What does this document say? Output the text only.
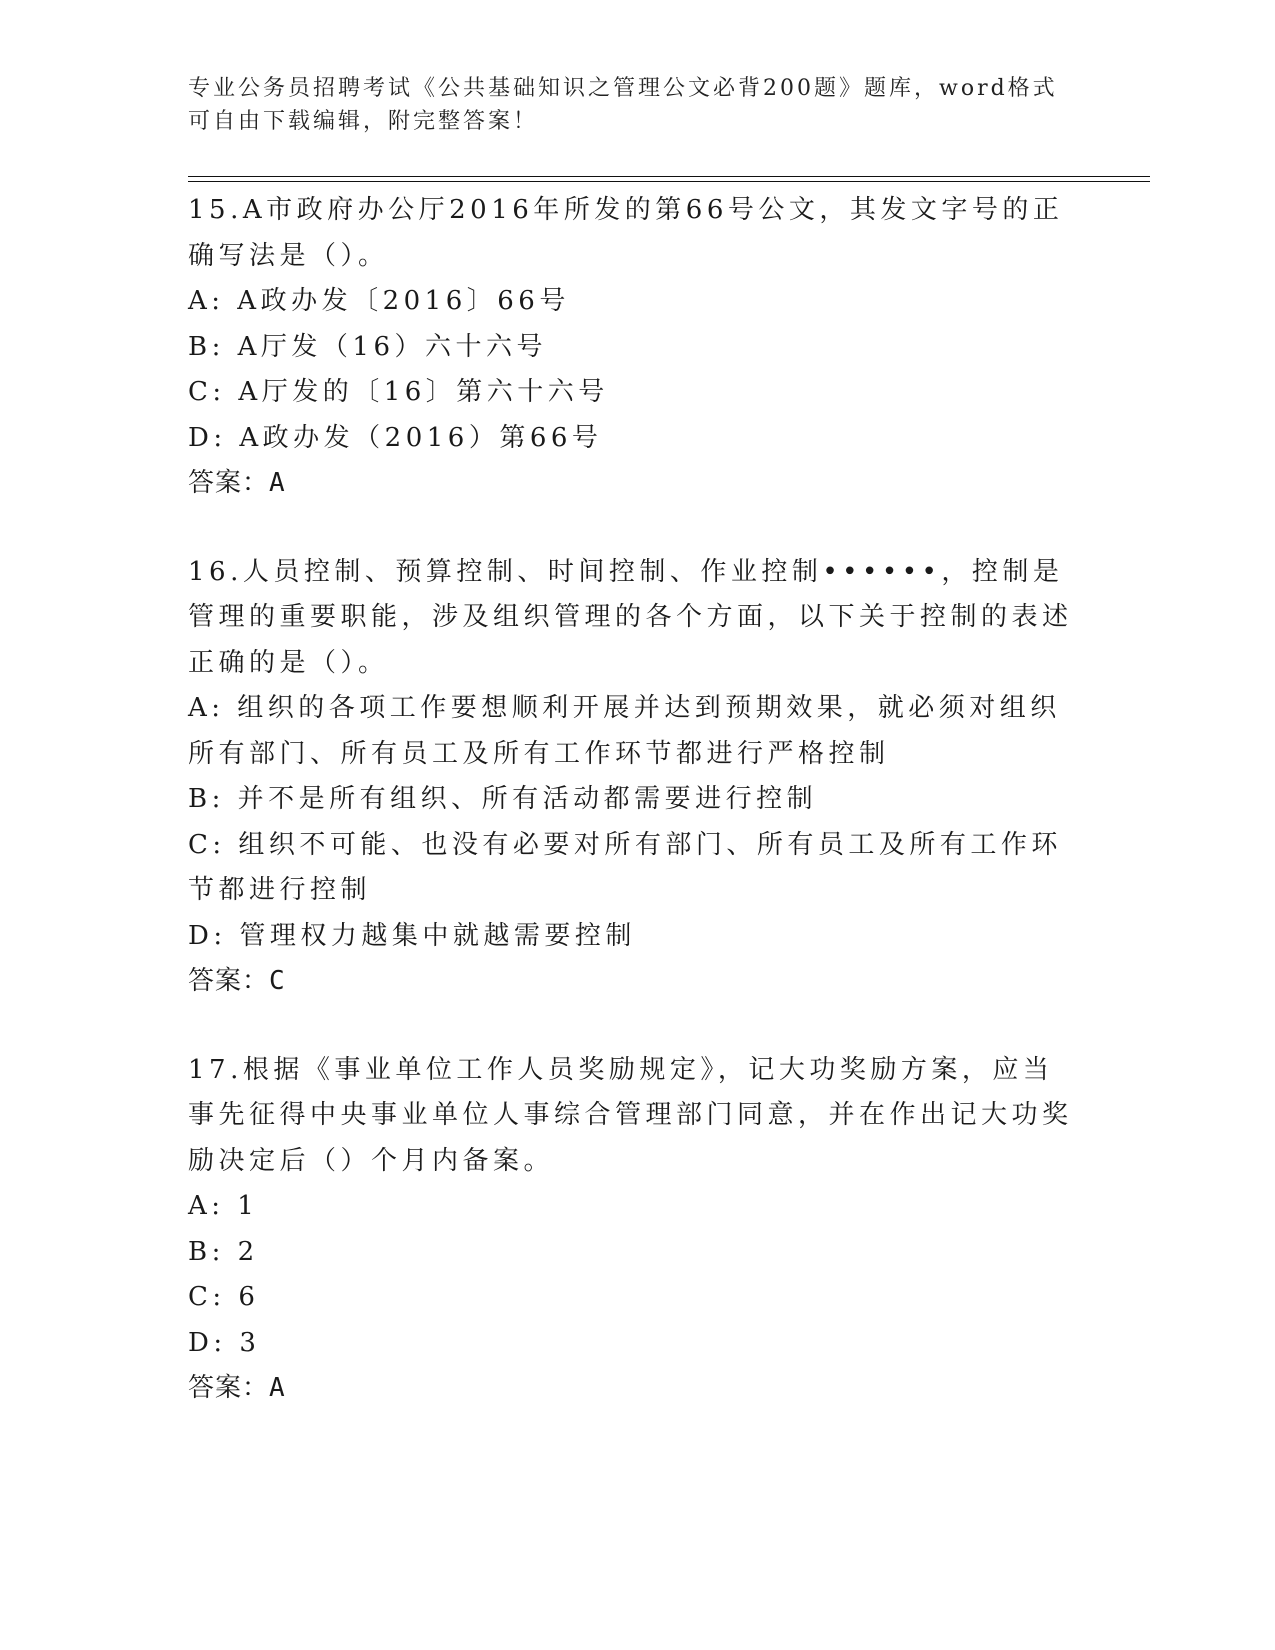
专业公务员招聘考试《公共基础知识之管理公文必背200题》题库，word格式可自由下载编辑，附完整答案！

15.A市政府办公厅2016年所发的第66号公文，其发文字号的正确写法是（）。

A: A政办发〔2016〕66号

B: A厅发（16）六十六号

C: A厅发的〔16〕第六十六号

D: A政办发（2016）第66号

答案：A

16.人员控制、预算控制、时间控制、作业控制••••••，控制是管理的重要职能，涉及组织管理的各个方面，以下关于控制的表述正确的是（）。

A: 组织的各项工作要想顺利开展并达到预期效果，就必须对组织所有部门、所有员工及所有工作环节都进行严格控制

B: 并不是所有组织、所有活动都需要进行控制

C: 组织不可能、也没有必要对所有部门、所有员工及所有工作环节都进行控制

D: 管理权力越集中就越需要控制

答案：C

17.根据《事业单位工作人员奖励规定》，记大功奖励方案，应当事先征得中央事业单位人事综合管理部门同意，并在作出记大功奖励决定后（）个月内备案。

A: 1

B: 2

C: 6

D: 3

答案：A
